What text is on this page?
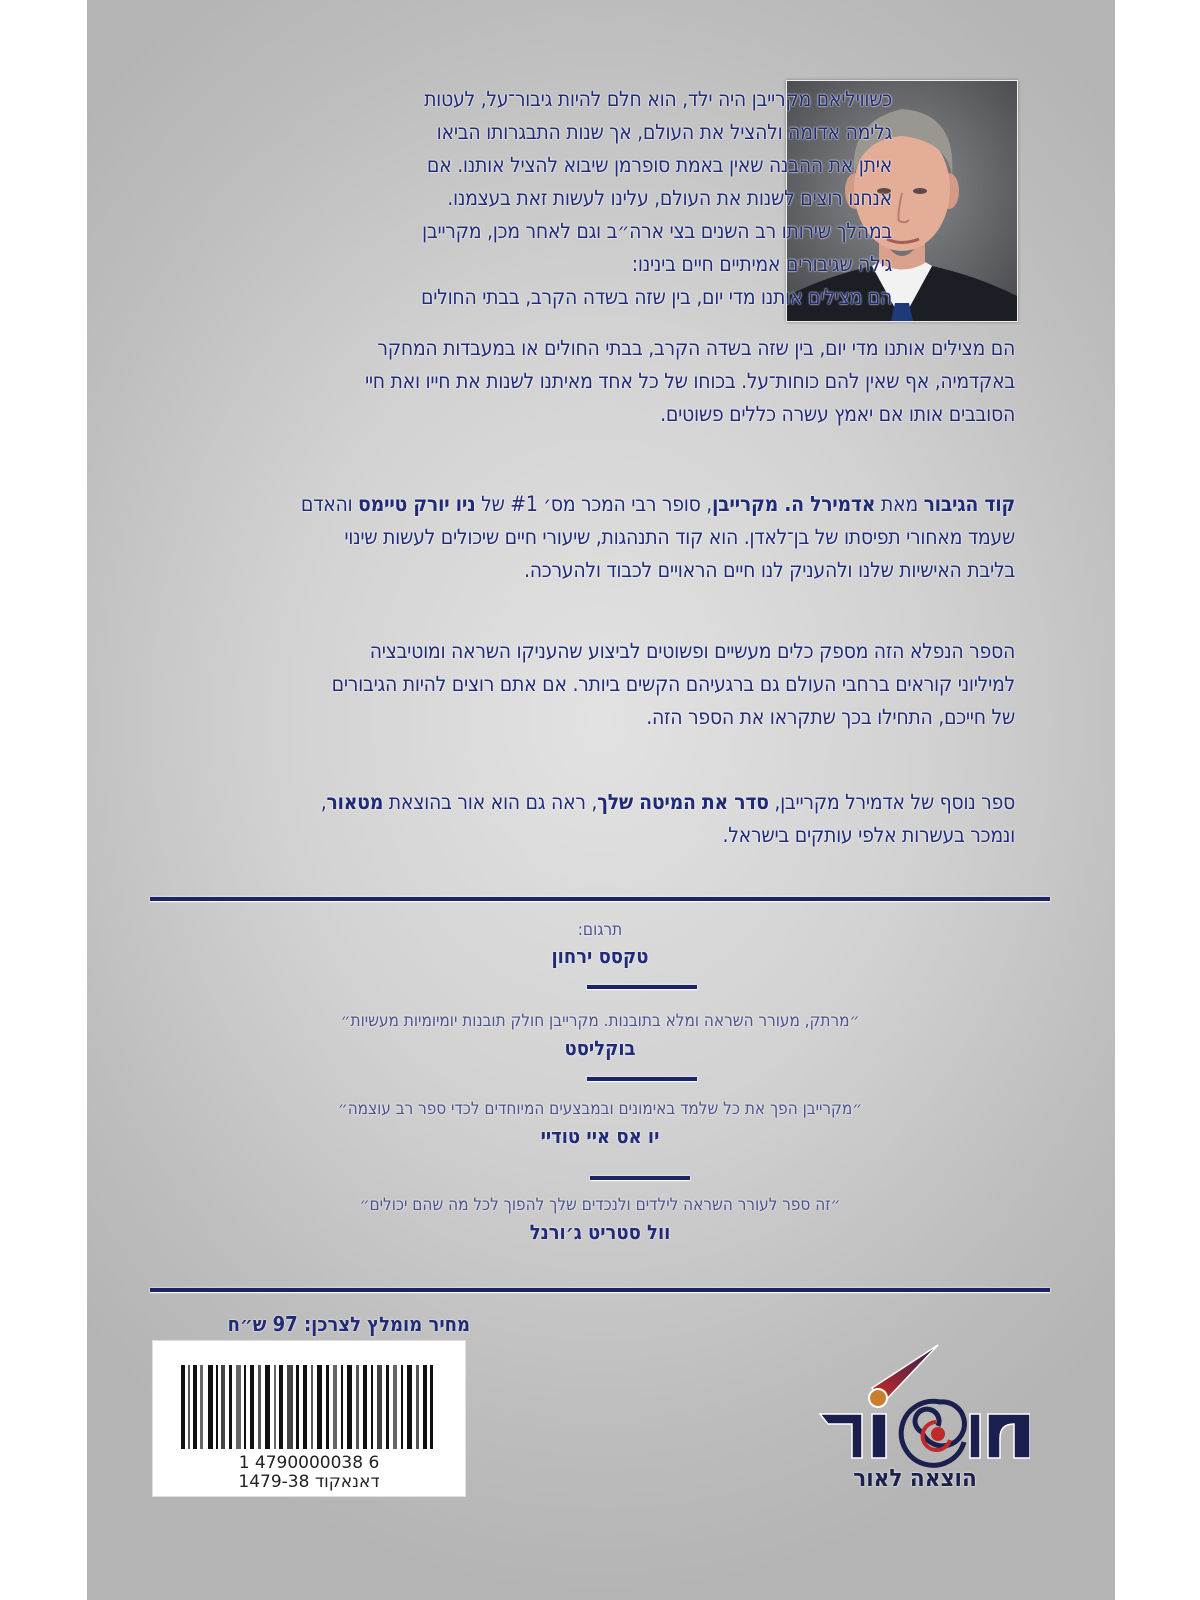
כשוויליאם מקרייבן היה ילד, הוא חלם להיות גיבור־על, לעטות
גלימה אדומה ולהציל את העולם, אך שנות התבגרותו הביאו
איתן את ההבנה שאין באמת סופרמן שיבוא להציל אותנו. אם
אנחנו רוצים לשנות את העולם, עלינו לעשות זאת בעצמנו.
במהלך שירותו רב השנים בצי ארה״ב וגם לאחר מכן, מקרייבן
גילה שגיבורים אמיתיים חיים בינינו:
הם מצילים אותנו מדי יום, בין שזה בשדה הקרב, בבתי החולים
הם מצילים אותנו מדי יום, בין שזה בשדה הקרב, בבתי החולים או במעבדות המחקר
באקדמיה, אף שאין להם כוחות־על. בכוחו של כל אחד מאיתנו לשנות את חייו ואת חיי
הסובבים אותו אם יאמץ עשרה כללים פשוטים.
קוד הגיבור מאת אדמירל ה. מקרייבן, סופר רבי המכר מס׳ #1 של ניו יורק טיימס והאדם
שעמד מאחורי תפיסתו של בן־לאדן. הוא קוד התנהגות, שיעורי חיים שיכולים לעשות שינוי
בליבת האישיות שלנו ולהעניק לנו חיים הראויים לכבוד ולהערכה.
הספר הנפלא הזה מספק כלים מעשיים ופשוטים לביצוע שהעניקו השראה ומוטיבציה
למיליוני קוראים ברחבי העולם גם ברגעיהם הקשים ביותר. אם אתם רוצים להיות הגיבורים
של חייכם, התחילו בכך שתקראו את הספר הזה.
ספר נוסף של אדמירל מקרייבן, סדר את המיטה שלך, ראה גם הוא אור בהוצאת מטאור,
ונמכר בעשרות אלפי עותקים בישראל.
תרגום:
טקסס ירחון
״מרתק, מעורר השראה ומלא בתובנות. מקרייבן חולק תובנות יומיומיות מעשיות״
בוקליסט
״מקרייבן הפך את כל שלמד באימונים ובמבצעים המיוחדים לכדי ספר רב עוצמה״
יו אס איי טודיי
״זה ספר לעורר השראה לילדים ולנכדים שלך להפוך לכל מה שהם יכולים״
וול סטריט ג׳ורנל
מחיר מומלץ לצרכן: 97 ש״ח
1 4790000038 6
1479-38 דאנאקוד	הוצאה לאור
